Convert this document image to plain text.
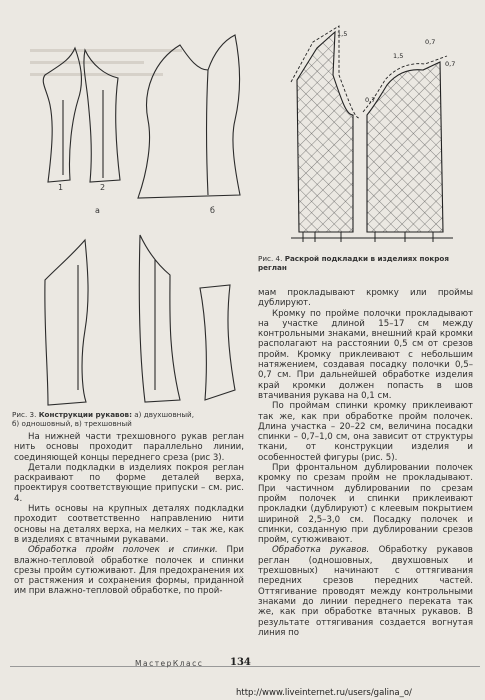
1	2
а	б
Рис. 3. Конструкции рукавов: а) двухшовный,
б) одношовный, в) трехшовный
1,5
0,7
1,5
0,7
0,7
Рис. 4. Раскрой подкладки в изделиях покроя реглан

На нижней части трехшовного рукав реглан нить основы проходит параллельно линии, соединяющей концы переднего среза (рис 3).

Детали подкладки в изделиях покроя реглан раскраивают по форме деталей верха, проектируя соответствующие припуски – см. рис. 4.

Нить основы на крупных деталях подкладки проходит соответственно направлению нити основы на деталях верха, на мелких – так же, как в изделиях с втачными рукавами.

Обработка пройм полочек и спинки. При влажно-тепловой обработке полочек и спинки срезы пройм сутюживают. Для предохранения их от растяжения и сохранения формы, приданной им при влажно-тепловой обработке, по прой-

мам прокладывают кромку или проймы дублируют.

Кромку по пройме полочки прокладывают на участке длиной 15–17 см между контрольными знаками, внешний край кромки располагают на расстоянии 0,5 см от срезов пройм. Кромку приклеивают с небольшим натяжением, создавая посадку полочки 0,5–0,7 см. При дальнейшей обработке изделия край кромки должен попасть в шов втачивания рукава на 0,1 см.

По проймам спинки кромку приклеивают так же, как при обработке пройм полочек. Длина участка – 20–22 см, величина посадки спинки – 0,7–1,0 см, она зависит от структуры ткани, от конструкции изделия и особенностей фигуры (рис. 5).

При фронтальном дублировании полочек кромку по срезам пройм не прокладывают. При частичном дублировании по срезам пройм полочек и спинки приклеивают прокладки (дублируют) с клеевым покрытием шириной 2,5–3,0 см. Посадку полочек и спинки, созданную при дублировании срезов пройм, сутюживают.

Обработка рукавов. Обработку рукавов реглан (одношовных, двухшовных и трехшовных) начинают с оттягивания передних срезов передних частей. Оттягивание проводят между контрольными знаками до линии переднего переката так же, как при обработке втачных рукавов. В результате оттягивания создается вогнутая линия по

МастерКласс	134
http://www.liveinternet.ru/users/galina_o/
